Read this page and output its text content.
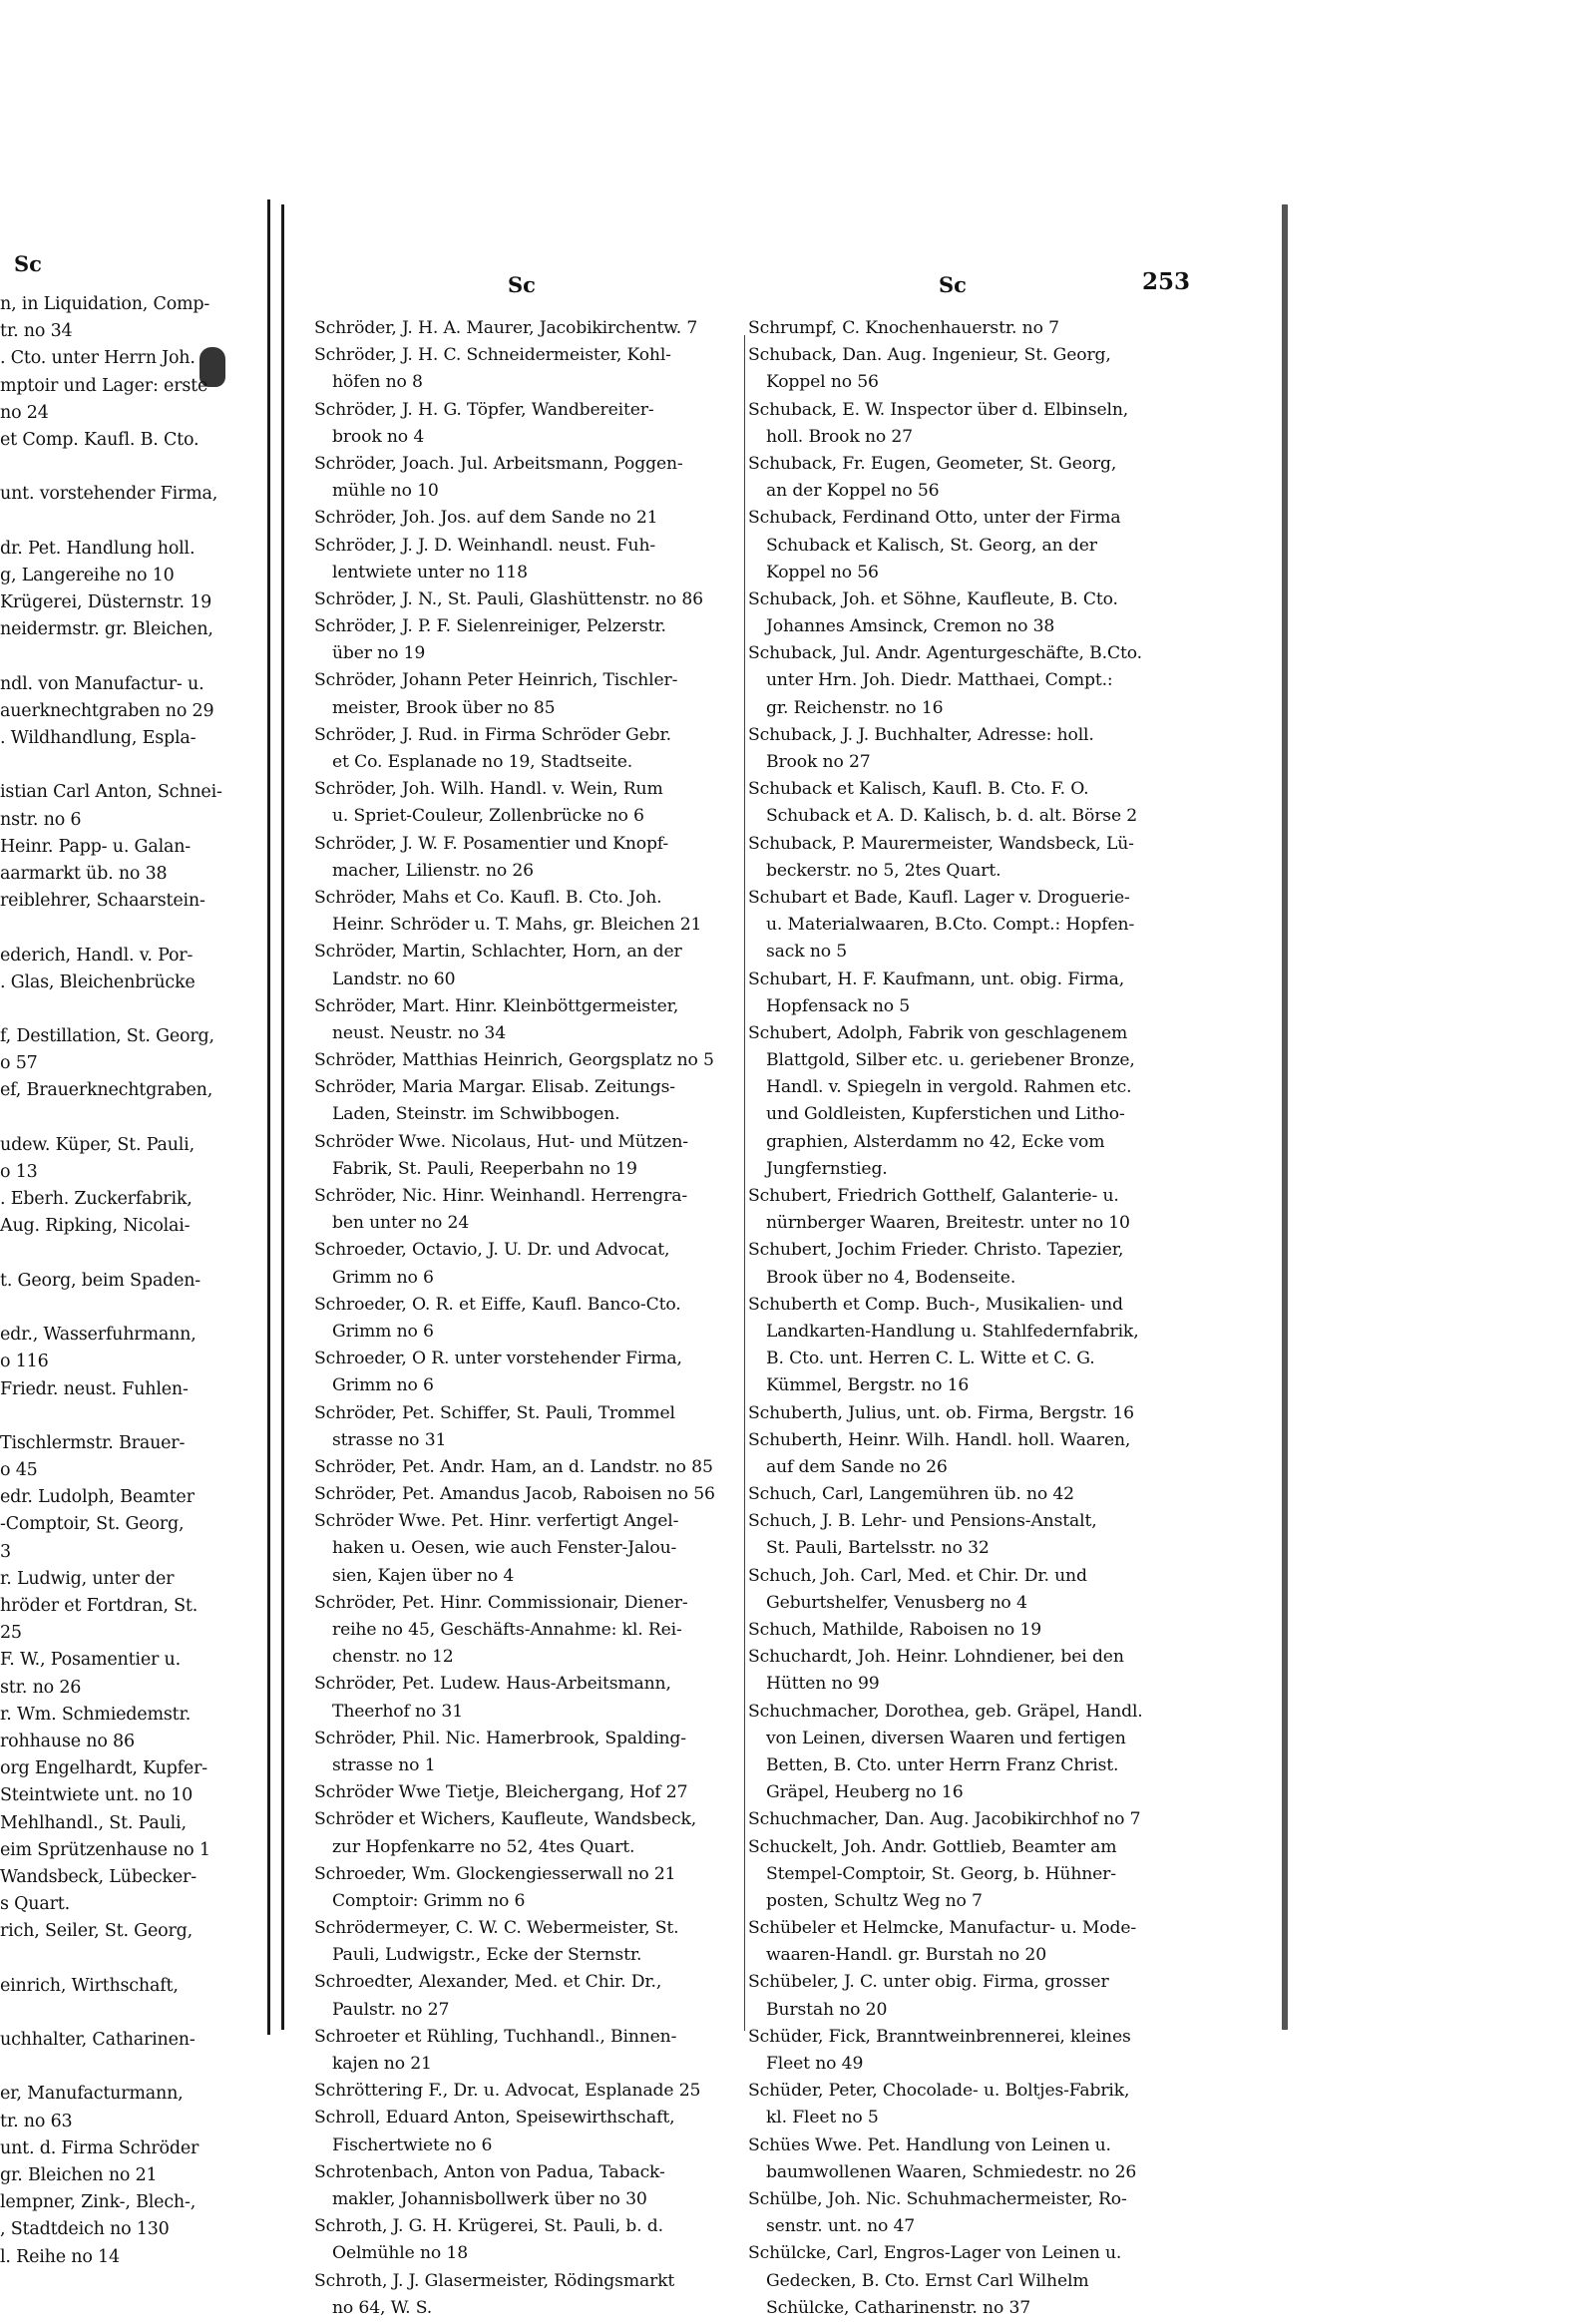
Sc
n, in Liquidation, Comp-
tr. no 34
. Cto. unter Herrn Joh.
mptoir und Lager: erste
no 24
et Comp. Kaufl. B. Cto.
unt. vorstehender Firma,
dr. Pet. Handlung holl.
g, Langereihe no 10
Krügerei, Düsternstr. 19
neidermstr. gr. Bleichen,
ndl. von Manufactur- u.
auerknechtgraben no 29
. Wildhandlung, Espla-
istian Carl Anton, Schnei-
nstr. no 6
Heinr. Papp- u. Galan-
aarmarkt üb. no 38
reiblehrer, Schaarstein-
ederich, Handl. v. Por-
. Glas, Bleichenbrücke
f, Destillation, St. Georg,
o 57
ef, Brauerknechtgraben,
udew. Küper, St. Pauli,
o 13
. Eberh. Zuckerfabrik,
Aug. Ripking, Nicolai-
t. Georg, beim Spaden-
edr., Wasserfuhrmann,
o 116
Friedr. neust. Fuhlen-
Tischlermstr. Brauer-
o 45
edr. Ludolph, Beamter
-Comptoir, St. Georg,
3
r. Ludwig, unter der
hröder et Fortdran, St.
25
F. W., Posamentier u.
str. no 26
r. Wm. Schmiedemstr.
rohhause no 86
org Engelhardt, Kupfer-
Steintwiete unt. no 10
Mehlhandl., St. Pauli,
eim Sprützenhause no 1
Wandsbeck, Lübecker-
s Quart.
rich, Seiler, St. Georg,
einrich, Wirthschaft,
uchhalter, Catharinen-
er, Manufacturmann,
tr. no 63
unt. d. Firma Schröder
gr. Bleichen no 21
lempner, Zink-, Blech-,
, Stadtdeich no 130
l. Reihe no 14
Sc	Sc	253
Schröder, J. H. A. Maurer, Jacobikirchentw. 7
Schröder, J. H. C. Schneidermeister, Kohl-
höfen no 8
Schröder, J. H. G. Töpfer, Wandbereiter-
brook no 4
Schröder, Joach. Jul. Arbeitsmann, Poggen-
mühle no 10
Schröder, Joh. Jos. auf dem Sande no 21
Schröder, J. J. D. Weinhandl. neust. Fuh-
lentwiete unter no 118
Schröder, J. N., St. Pauli, Glashüttenstr. no 86
Schröder, J. P. F. Sielenreiniger, Pelzerstr.
über no 19
Schröder, Johann Peter Heinrich, Tischler-
meister, Brook über no 85
Schröder, J. Rud. in Firma Schröder Gebr.
et Co. Esplanade no 19, Stadtseite.
Schröder, Joh. Wilh. Handl. v. Wein, Rum
u. Spriet-Couleur, Zollenbrücke no 6
Schröder, J. W. F. Posamentier und Knopf-
macher, Lilienstr. no 26
Schröder, Mahs et Co. Kaufl. B. Cto. Joh.
Heinr. Schröder u. T. Mahs, gr. Bleichen 21
Schröder, Martin, Schlachter, Horn, an der
Landstr. no 60
Schröder, Mart. Hinr. Kleinböttgermeister,
neust. Neustr. no 34
Schröder, Matthias Heinrich, Georgsplatz no 5
Schröder, Maria Margar. Elisab. Zeitungs-
Laden, Steinstr. im Schwibbogen.
Schröder Wwe. Nicolaus, Hut- und Mützen-
Fabrik, St. Pauli, Reeperbahn no 19
Schröder, Nic. Hinr. Weinhandl. Herrengra-
ben unter no 24
Schroeder, Octavio, J. U. Dr. und Advocat,
Grimm no 6
Schroeder, O. R. et Eiffe, Kaufl. Banco-Cto.
Grimm no 6
Schroeder, O R. unter vorstehender Firma,
Grimm no 6
Schröder, Pet. Schiffer, St. Pauli, Trommel
strasse no 31
Schröder, Pet. Andr. Ham, an d. Landstr. no 85
Schröder, Pet. Amandus Jacob, Raboisen no 56
Schröder Wwe. Pet. Hinr. verfertigt Angel-
haken u. Oesen, wie auch Fenster-Jalou-
sien, Kajen über no 4
Schröder, Pet. Hinr. Commissionair, Diener-
reihe no 45, Geschäfts-Annahme: kl. Rei-
chenstr. no 12
Schröder, Pet. Ludew. Haus-Arbeitsmann,
Theerhof no 31
Schröder, Phil. Nic. Hamerbrook, Spalding-
strasse no 1
Schröder Wwe Tietje, Bleichergang, Hof 27
Schröder et Wichers, Kaufleute, Wandsbeck,
zur Hopfenkarre no 52, 4tes Quart.
Schroeder, Wm. Glockengiesserwall no 21
Comptoir: Grimm no 6
Schrödermeyer, C. W. C. Webermeister, St.
Pauli, Ludwigstr., Ecke der Sternstr.
Schroedter, Alexander, Med. et Chir. Dr.,
Paulstr. no 27
Schroeter et Rühling, Tuchhandl., Binnen-
kajen no 21
Schröttering F., Dr. u. Advocat, Esplanade 25
Schroll, Eduard Anton, Speisewirthschaft,
Fischertwiete no 6
Schrotenbach, Anton von Padua, Taback-
makler, Johannisbollwerk über no 30
Schroth, J. G. H. Krügerei, St. Pauli, b. d.
Oelmühle no 18
Schroth, J. J. Glasermeister, Rödingsmarkt
no 64, W. S.
Schrumpf, C. Knochenhauerstr. no 7
Schuback, Dan. Aug. Ingenieur, St. Georg,
Koppel no 56
Schuback, E. W. Inspector über d. Elbinseln,
holl. Brook no 27
Schuback, Fr. Eugen, Geometer, St. Georg,
an der Koppel no 56
Schuback, Ferdinand Otto, unter der Firma
Schuback et Kalisch, St. Georg, an der
Koppel no 56
Schuback, Joh. et Söhne, Kaufleute, B. Cto.
Johannes Amsinck, Cremon no 38
Schuback, Jul. Andr. Agenturgeschäfte, B.Cto.
unter Hrn. Joh. Diedr. Matthaei, Compt.:
gr. Reichenstr. no 16
Schuback, J. J. Buchhalter, Adresse: holl.
Brook no 27
Schuback et Kalisch, Kaufl. B. Cto. F. O.
Schuback et A. D. Kalisch, b. d. alt. Börse 2
Schuback, P. Maurermeister, Wandsbeck, Lü-
beckerstr. no 5, 2tes Quart.
Schubart et Bade, Kaufl. Lager v. Droguerie-
u. Materialwaaren, B.Cto. Compt.: Hopfen-
sack no 5
Schubart, H. F. Kaufmann, unt. obig. Firma,
Hopfensack no 5
Schubert, Adolph, Fabrik von geschlagenem
Blattgold, Silber etc. u. geriebener Bronze,
Handl. v. Spiegeln in vergold. Rahmen etc.
und Goldleisten, Kupferstichen und Litho-
graphien, Alsterdamm no 42, Ecke vom
Jungfernstieg.
Schubert, Friedrich Gotthelf, Galanterie- u.
nürnberger Waaren, Breitestr. unter no 10
Schubert, Jochim Frieder. Christo. Tapezier,
Brook über no 4, Bodenseite.
Schuberth et Comp. Buch-, Musikalien- und
Landkarten-Handlung u. Stahlfedernfabrik,
B. Cto. unt. Herren C. L. Witte et C. G.
Kümmel, Bergstr. no 16
Schuberth, Julius, unt. ob. Firma, Bergstr. 16
Schuberth, Heinr. Wilh. Handl. holl. Waaren,
auf dem Sande no 26
Schuch, Carl, Langemühren üb. no 42
Schuch, J. B. Lehr- und Pensions-Anstalt,
St. Pauli, Bartelsstr. no 32
Schuch, Joh. Carl, Med. et Chir. Dr. und
Geburtshelfer, Venusberg no 4
Schuch, Mathilde, Raboisen no 19
Schuchardt, Joh. Heinr. Lohndiener, bei den
Hütten no 99
Schuchmacher, Dorothea, geb. Gräpel, Handl.
von Leinen, diversen Waaren und fertigen
Betten, B. Cto. unter Herrn Franz Christ.
Gräpel, Heuberg no 16
Schuchmacher, Dan. Aug. Jacobikirchhof no 7
Schuckelt, Joh. Andr. Gottlieb, Beamter am
Stempel-Comptoir, St. Georg, b. Hühner-
posten, Schultz Weg no 7
Schübeler et Helmcke, Manufactur- u. Mode-
waaren-Handl. gr. Burstah no 20
Schübeler, J. C. unter obig. Firma, grosser
Burstah no 20
Schüder, Fick, Branntweinbrennerei, kleines
Fleet no 49
Schüder, Peter, Chocolade- u. Boltjes-Fabrik,
kl. Fleet no 5
Schües Wwe. Pet. Handlung von Leinen u.
baumwollenen Waaren, Schmiedestr. no 26
Schülbe, Joh. Nic. Schuhmachermeister, Ro-
senstr. unt. no 47
Schülcke, Carl, Engros-Lager von Leinen u.
Gedecken, B. Cto. Ernst Carl Wilhelm
Schülcke, Catharinenstr. no 37
